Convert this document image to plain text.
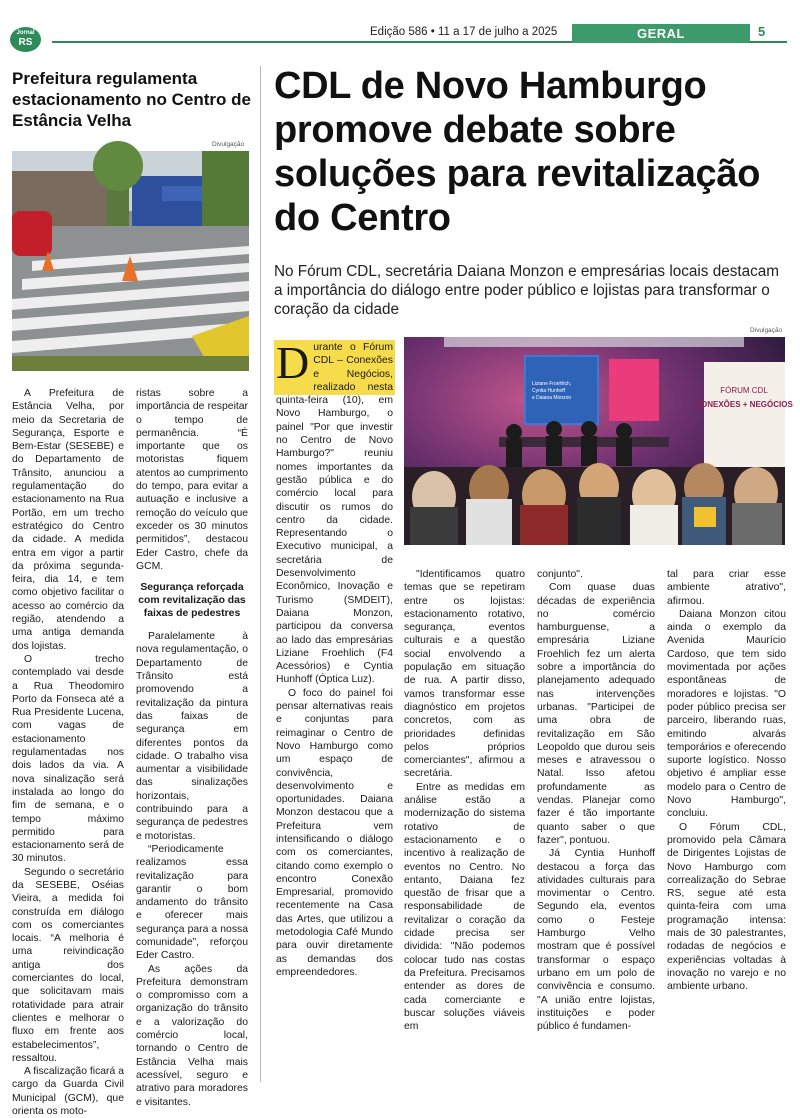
Jornal
RS
Edição 586 • 11 a 17 de julho a 2025	GERAL	5
Prefeitura regulamenta estacionamento no Centro de Estância Velha
Divulgação

A Prefeitura de Estância Velha, por meio da Secretaria de Segurança, Esporte e Bem-Estar (SESEBE) e do Departamento de Trânsito, anunciou a regulamentação do estacionamento na Rua Portão, em um trecho estratégico do Centro da cidade. A medida entra em vigor a partir da próxima segunda-feira, dia 14, e tem como objetivo facilitar o acesso ao comércio da região, atendendo a uma antiga demanda dos lojistas.

O trecho contemplado vai desde a Rua Theodomiro Porto da Fonseca até a Rua Presidente Lucena, com vagas de estacionamento regulamentadas nos dois lados da via. A nova sinalização será instalada ao longo do fim de semana, e o tempo máximo permitido para estacionamento será de 30 minutos.

Segundo o secretário da SESEBE, Oséias Vieira, a medida foi construída em diálogo com os comerciantes locais. “A melhoria é uma reivindicação antiga dos comerciantes do local, que solicitavam mais rotatividade para atrair clientes e melhorar o fluxo em frente aos estabelecimentos”, ressaltou.

A fiscalização ficará a cargo da Guarda Civil Municipal (GCM), que orienta os moto-

ristas sobre a importância de respeitar o tempo de permanência. “É importante que os motoristas fiquem atentos ao cumprimento do tempo, para evitar a autuação e inclusive a remoção do veículo que exceder os 30 minutos permitidos”, destacou Eder Castro, chefe da GCM.

Segurança reforçada com revitalização das faixas de pedestres

Paralelamente à nova regulamentação, o Departamento de Trânsito está promovendo a revitalização da pintura das faixas de segurança em diferentes pontos da cidade. O trabalho visa aumentar a visibilidade das sinalizações horizontais, contribuindo para a segurança de pedestres e motoristas.

“Periodicamente realizamos essa revitalização para garantir o bom andamento do trânsito e oferecer mais segurança para a nossa comunidade”, reforçou Eder Castro.

As ações da Prefeitura demonstram o compromisso com a organização do trânsito e a valorização do comércio local, tornando o Centro de Estância Velha mais acessível, seguro e atrativo para moradores e visitantes.

CDL de Novo Hamburgo promove debate sobre soluções para revitalização do Centro
No Fórum CDL, secretária Daiana Monzon e empresárias locais destacam a importância do diálogo entre poder público e lojistas para transformar o coração da cidade
Divulgação
FÓRUM CDL
CONEXÕES + NEGÓCIOS
Liziane Froehlich,
Cyntia Hunhoff
e Daiana Monzon

D urante o Fórum CDL – Conexões e Negócios, realizado nesta quinta-feira (10), em Novo Hamburgo, o painel "Por que investir no Centro de Novo Hamburgo?" reuniu nomes importantes da gestão pública e do comércio local para discutir os rumos do centro da cidade. Representando o Executivo municipal, a secretária de Desenvolvimento Econômico, Inovação e Turismo (SMDEIT), Daiana Monzon, participou da conversa ao lado das empresárias Liziane Froehlich (F4 Acessórios) e Cyntia Hunhoff (Óptica Luz).

O foco do painel foi pensar alternativas reais e conjuntas para reimaginar o Centro de Novo Hamburgo como um espaço de convivência, desenvolvimento e oportunidades. Daiana Monzon destacou que a Prefeitura vem intensificando o diálogo com os comerciantes, citando como exemplo o encontro Conexão Empresarial, promovido recentemente na Casa das Artes, que utilizou a metodologia Café Mundo para ouvir diretamente as demandas dos empreendedores.

"Identificamos quatro temas que se repetiram entre os lojistas: estacionamento rotativo, segurança, eventos culturais e a questão social envolvendo a população em situação de rua. A partir disso, vamos transformar esse diagnóstico em projetos concretos, com as prioridades definidas pelos próprios comerciantes", afirmou a secretária.

Entre as medidas em análise estão a modernização do sistema rotativo de estacionamento e o incentivo à realização de eventos no Centro. No entanto, Daiana fez questão de frisar que a responsabilidade de revitalizar o coração da cidade precisa ser dividida: "Não podemos colocar tudo nas costas da Prefeitura. Precisamos entender as dores de cada comerciante e buscar soluções viáveis em

conjunto".

Com quase duas décadas de experiência no comércio hamburguense, a empresária Liziane Froehlich fez um alerta sobre a importância do planejamento adequado nas intervenções urbanas. "Participei de uma obra de revitalização em São Leopoldo que durou seis meses e atravessou o Natal. Isso afetou profundamente as vendas. Planejar como fazer é tão importante quanto saber o que fazer", pontuou.

Já Cyntia Hunhoff destacou a força das atividades culturais para movimentar o Centro. Segundo ela, eventos como o Festeje Hamburgo Velho mostram que é possível transformar o espaço urbano em um polo de convivência e consumo. "A união entre lojistas, instituições e poder público é fundamen-

tal para criar esse ambiente atrativo", afirmou.

Daiana Monzon citou ainda o exemplo da Avenida Maurício Cardoso, que tem sido movimentada por ações espontâneas de moradores e lojistas. "O poder público precisa ser parceiro, liberando ruas, emitindo alvarás temporários e oferecendo suporte logístico. Nosso objetivo é ampliar esse modelo para o Centro de Novo Hamburgo", concluiu.

O Fórum CDL, promovido pela Câmara de Dirigentes Lojistas de Novo Hamburgo com correalização do Sebrae RS, segue até esta quinta-feira com uma programação intensa: mais de 30 palestrantes, rodadas de negócios e experiências voltadas à inovação no varejo e no ambiente urbano.
